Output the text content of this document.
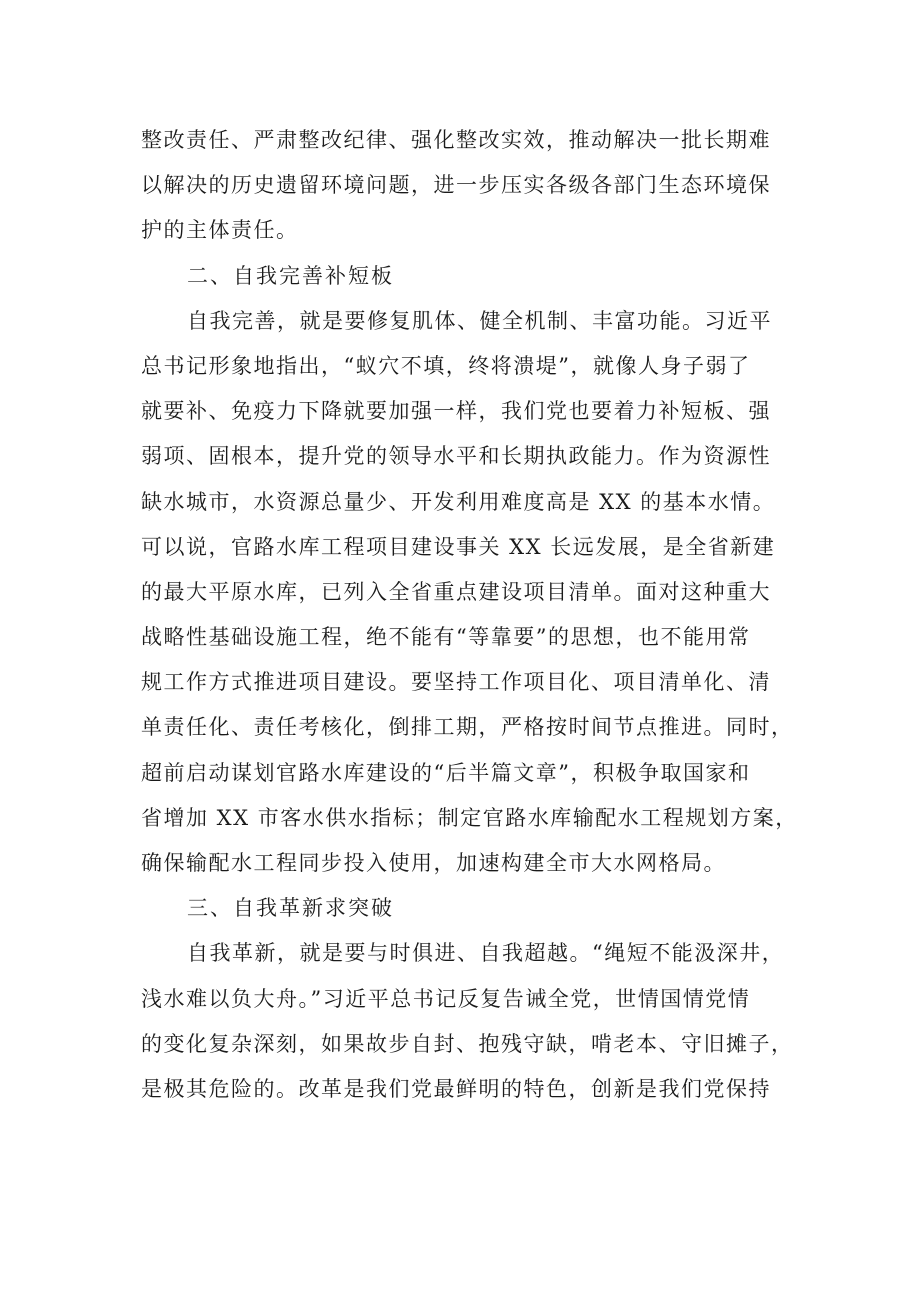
整改责任、严肃整改纪律、强化整改实效，推动解决一批长期难
以解决的历史遗留环境问题，进一步压实各级各部门生态环境保
护的主体责任。
二、自我完善补短板
自我完善，就是要修复肌体、健全机制、丰富功能。习近平
总书记形象地指出，“蚁穴不填，终将溃堤”，就像人身子弱了
就要补、免疫力下降就要加强一样，我们党也要着力补短板、强
弱项、固根本，提升党的领导水平和长期执政能力。作为资源性
缺水城市，水资源总量少、开发利用难度高是 XX 的基本水情。
可以说，官路水库工程项目建设事关 XX 长远发展，是全省新建
的最大平原水库，已列入全省重点建设项目清单。面对这种重大
战略性基础设施工程，绝不能有“等靠要”的思想，也不能用常
规工作方式推进项目建设。要坚持工作项目化、项目清单化、清
单责任化、责任考核化，倒排工期，严格按时间节点推进。同时，
超前启动谋划官路水库建设的“后半篇文章”，积极争取国家和
省增加 XX 市客水供水指标；制定官路水库输配水工程规划方案，
确保输配水工程同步投入使用，加速构建全市大水网格局。
三、自我革新求突破
自我革新，就是要与时俱进、自我超越。“绳短不能汲深井，
浅水难以负大舟。”习近平总书记反复告诫全党，世情国情党情
的变化复杂深刻，如果故步自封、抱残守缺，啃老本、守旧摊子，
是极其危险的。改革是我们党最鲜明的特色，创新是我们党保持
